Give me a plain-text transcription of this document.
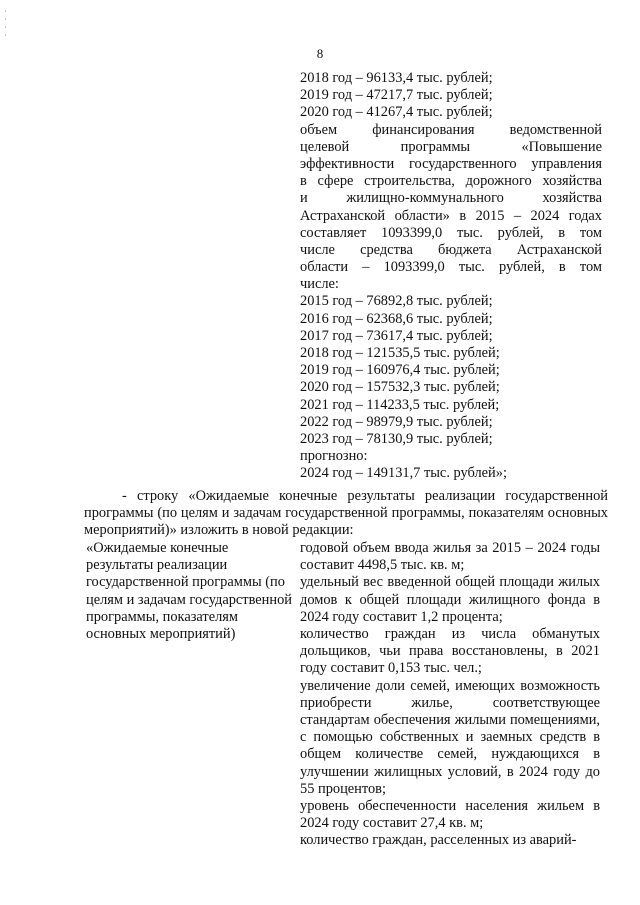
·
·
·
·
8
2018 год – 96133,4 тыс. рублей;
2019 год – 47217,7 тыс. рублей;
2020 год – 41267,4 тыс. рублей;
объем финансирования ведомственной
целевой программы «Повышение
эффективности государственного управления
в сфере строительства, дорожного хозяйства
и жилищно-коммунального хозяйства
Астраханской области» в 2015 – 2024 годах
составляет 1093399,0 тыс. рублей, в том
числе средства бюджета Астраханской
области – 1093399,0 тыс. рублей, в том
числе:
2015 год – 76892,8 тыс. рублей;
2016 год – 62368,6 тыс. рублей;
2017 год – 73617,4 тыс. рублей;
2018 год – 121535,5 тыс. рублей;
2019 год – 160976,4 тыс. рублей;
2020 год – 157532,3 тыс. рублей;
2021 год – 114233,5 тыс. рублей;
2022 год – 98979,9 тыс. рублей;
2023 год – 78130,9 тыс. рублей;
прогнозно:
2024 год – 149131,7 тыс. рублей»;
- строку «Ожидаемые конечные результаты реализации государственной программы (по целям и задачам государственной программы, показателям основных мероприятий)» изложить в новой редакции:
«Ожидаемые конечные результаты реализации государственной программы (по целям и задачам государственной программы, показателям основных мероприятий)
годовой объем ввода жилья за 2015 – 2024 годы составит 4498,5 тыс. кв. м;
удельный вес введенной общей площади жилых домов к общей площади жилищного фонда в 2024 году составит 1,2 процента;
количество граждан из числа обманутых дольщиков, чьи права восстановлены, в 2021 году составит 0,153 тыс. чел.;
увеличение доли семей, имеющих возможность приобрести жилье, соответствующее стандартам обеспечения жилыми помещениями, с помощью собственных и заемных средств в общем количестве семей, нуждающихся в улучшении жилищных условий, в 2024 году до 55 процентов;
уровень обеспеченности населения жильем в 2024 году составит 27,4 кв. м;
количество граждан, расселенных из аварий-
